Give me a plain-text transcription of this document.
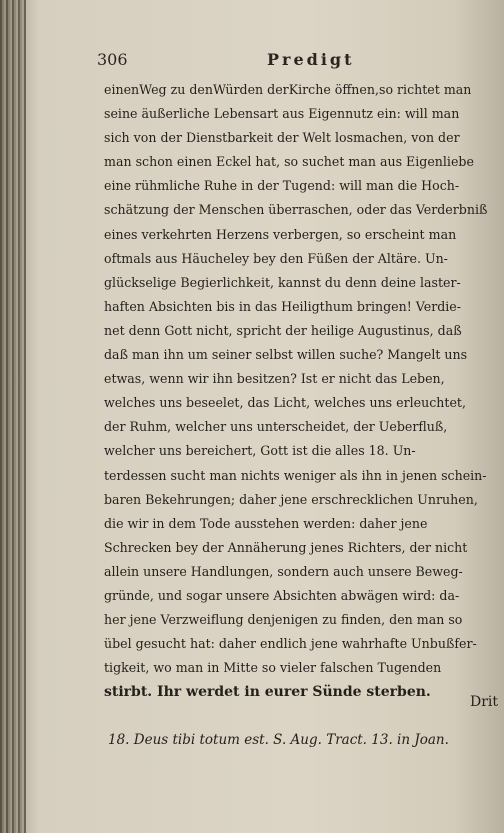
306	Predigt
einenWeg zu denWürden derKirche öffnen,so richtet man
seine äußerliche Lebensart aus Eigennutz ein: will man
sich von der Dienstbarkeit der Welt losmachen, von der
man schon einen Eckel hat, so suchet man aus Eigenliebe
eine rühmliche Ruhe in der Tugend: will man die Hoch-
schätzung der Menschen überraschen, oder das Verderbniß
eines verkehrten Herzens verbergen, so erscheint man
oftmals aus Häucheley bey den Füßen der Altäre. Un-
glückselige Begierlichkeit, kannst du denn deine laster-
haften Absichten bis in das Heiligthum bringen! Verdie-
net denn Gott nicht, spricht der heilige Augustinus, daß
daß man ihn um seiner selbst willen suche? Mangelt uns
etwas, wenn wir ihn besitzen? Ist er nicht das Leben,
welches uns beseelet, das Licht, welches uns erleuchtet,
der Ruhm, welcher uns unterscheidet, der Ueberfluß,
welcher uns bereichert, Gott ist die alles 18. Un-
terdessen sucht man nichts weniger als ihn in jenen schein-
baren Bekehrungen; daher jene erschrecklichen Unruhen,
die wir in dem Tode ausstehen werden: daher jene
Schrecken bey der Annäherung jenes Richters, der nicht
allein unsere Handlungen, sondern auch unsere Beweg-
gründe, und sogar unsere Absichten abwägen wird: da-
her jene Verzweiflung denjenigen zu finden, den man so
übel gesucht hat: daher endlich jene wahrhafte Unbußfer-
tigkeit, wo man in Mitte so vieler falschen Tugenden
stirbt. Ihr werdet in eurer Sünde sterben.
Drit
18. Deus tibi totum est. S. Aug. Tract. 13. in Joan.
